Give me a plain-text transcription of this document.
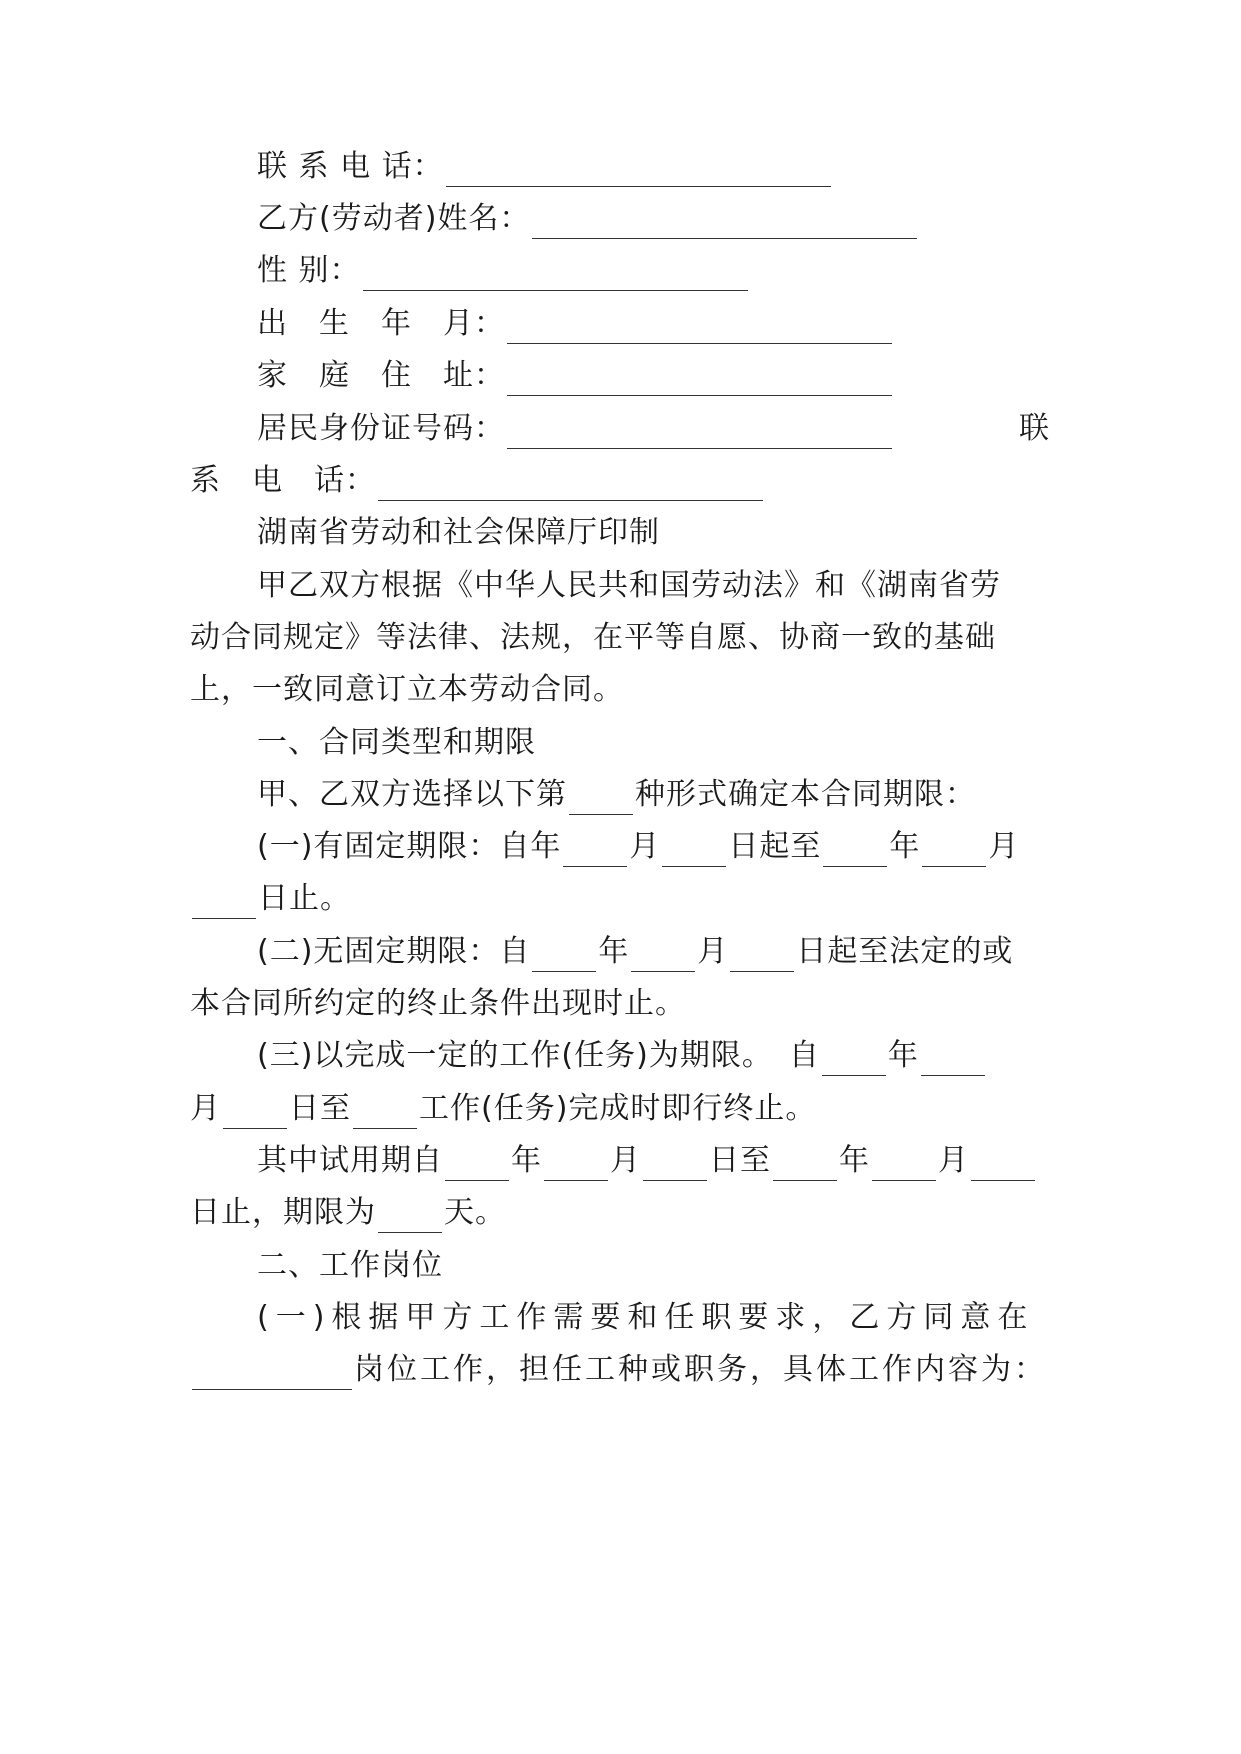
联 系 电 话：
乙方(劳动者)姓名：
性 别：
出　生　年　月：
家　庭　住　址：
居民身份证号码：	联
系　电　话：
湖南省劳动和社会保障厅印制
甲乙双方根据《中华人民共和国劳动法》和《湖南省劳
动合同规定》等法律、法规，在平等自愿、协商一致的基础
上，一致同意订立本劳动合同。
一、合同类型和期限
甲、乙双方选择以下第 种形式确定本合同期限：
(一)有固定期限：自年 月 日起至 年 月
日止。
(二)无固定期限：自 年 月 日起至法定的或
本合同所约定的终止条件出现时止。
(三)以完成一定的工作(任务)为期限。　自 年
月 日至 工作(任务)完成时即行终止。
其中试用期自 年 月 日至 年 月
日止，期限为 天。
二、工作岗位
(一)根据甲方工作需要和任职要求，乙方同意在
岗位工作，担任工种或职务，具体工作内容为：
